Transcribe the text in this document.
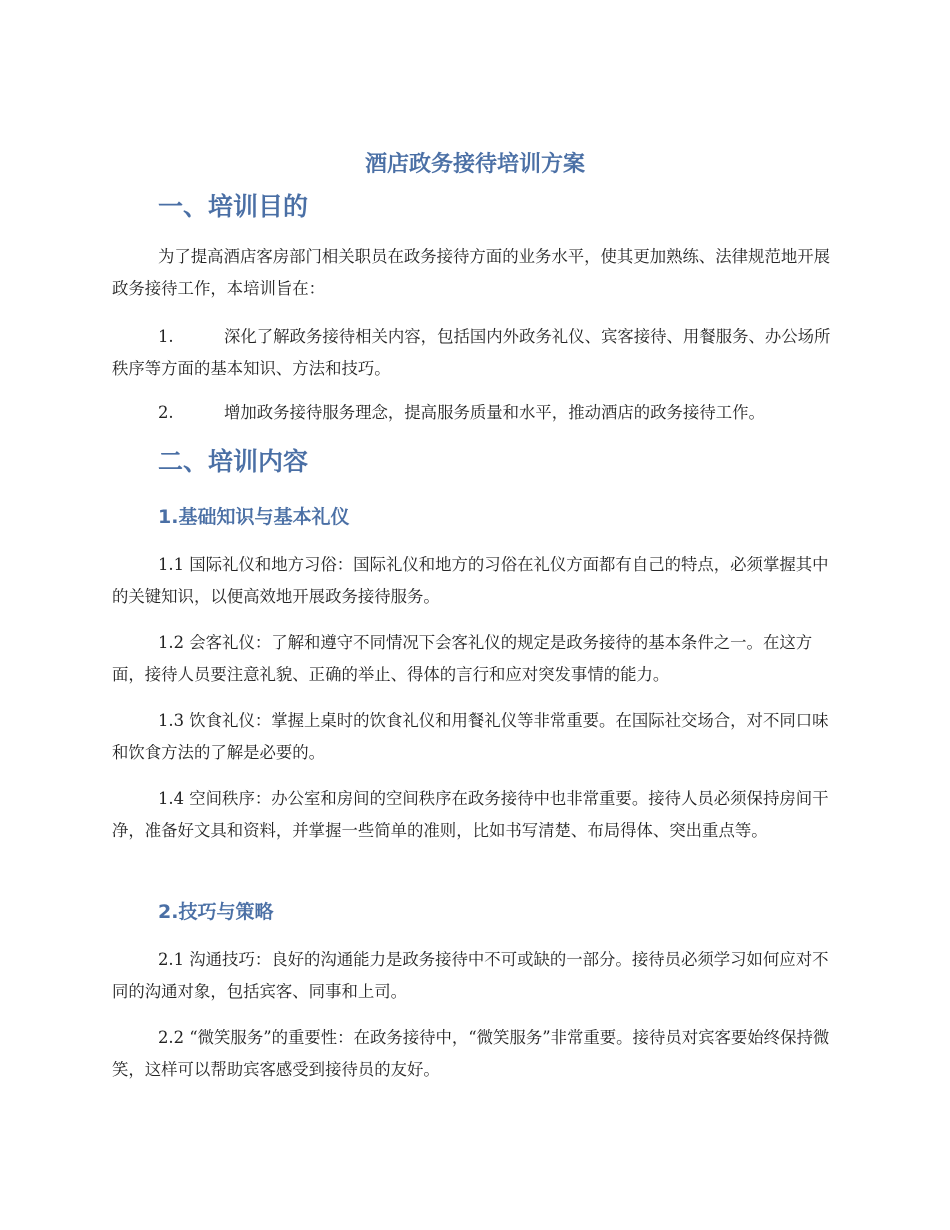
酒店政务接待培训方案
一、培训目的

为了提高酒店客房部门相关职员在政务接待方面的业务水平，使其更加熟练、法律规范地开展政务接待工作，本培训旨在：

1.	深化了解政务接待相关内容，包括国内外政务礼仪、宾客接待、用餐服务、办公场所秩序等方面的基本知识、方法和技巧。

2.	增加政务接待服务理念，提高服务质量和水平，推动酒店的政务接待工作。

二、培训内容
1.基础知识与基本礼仪

1.1 国际礼仪和地方习俗：国际礼仪和地方的习俗在礼仪方面都有自己的特点，必须掌握其中的关键知识，以便高效地开展政务接待服务。

1.2 会客礼仪：了解和遵守不同情况下会客礼仪的规定是政务接待的基本条件之一。在这方面，接待人员要注意礼貌、正确的举止、得体的言行和应对突发事情的能力。

1.3 饮食礼仪：掌握上桌时的饮食礼仪和用餐礼仪等非常重要。在国际社交场合，对不同口味和饮食方法的了解是必要的。

1.4 空间秩序：办公室和房间的空间秩序在政务接待中也非常重要。接待人员必须保持房间干净，准备好文具和资料，并掌握一些简单的准则，比如书写清楚、布局得体、突出重点等。

2.技巧与策略

2.1 沟通技巧：良好的沟通能力是政务接待中不可或缺的一部分。接待员必须学习如何应对不同的沟通对象，包括宾客、同事和上司。

2.2 “微笑服务”的重要性：在政务接待中，“微笑服务”非常重要。接待员对宾客要始终保持微笑，这样可以帮助宾客感受到接待员的友好。
